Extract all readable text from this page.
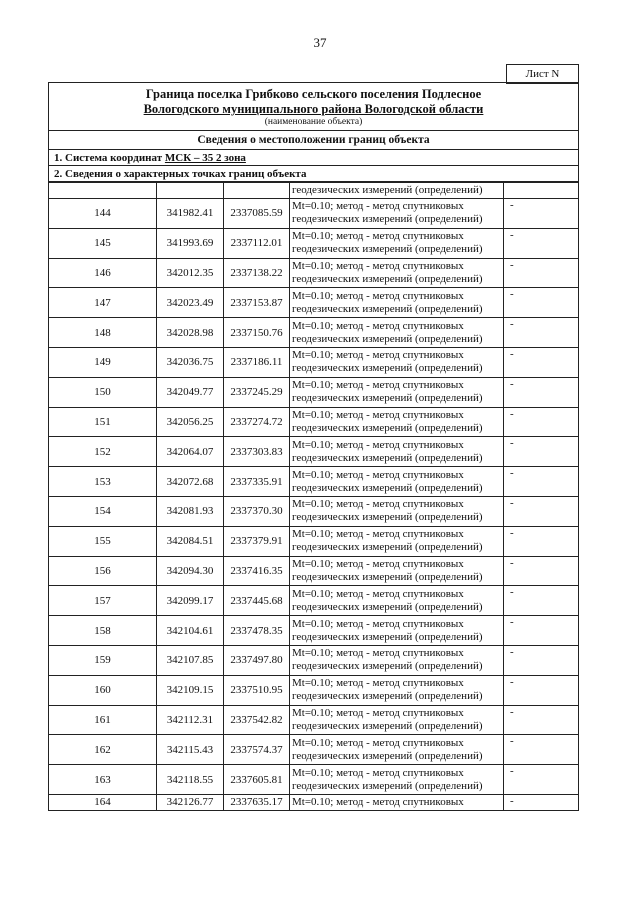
37
Лист N
Граница поселка Грибково сельского поселения Подлесное
Вологодского муниципального района Вологодской области
(наименование объекта)

Сведения о местоположении границ объекта
1. Система координат МСК – 35 2 зона
2. Сведения о характерных точках границ объекта
			геодезических измерений (определений)	
144	341982.41	2337085.59	Mt=0.10; метод - метод спутниковых геодезических измерений (определений)	-
145	341993.69	2337112.01	Mt=0.10; метод - метод спутниковых геодезических измерений (определений)	-
146	342012.35	2337138.22	Mt=0.10; метод - метод спутниковых геодезических измерений (определений)	-
147	342023.49	2337153.87	Mt=0.10; метод - метод спутниковых геодезических измерений (определений)	-
148	342028.98	2337150.76	Mt=0.10; метод - метод спутниковых геодезических измерений (определений)	-
149	342036.75	2337186.11	Mt=0.10; метод - метод спутниковых геодезических измерений (определений)	-
150	342049.77	2337245.29	Mt=0.10; метод - метод спутниковых геодезических измерений (определений)	-
151	342056.25	2337274.72	Mt=0.10; метод - метод спутниковых геодезических измерений (определений)	-
152	342064.07	2337303.83	Mt=0.10; метод - метод спутниковых геодезических измерений (определений)	-
153	342072.68	2337335.91	Mt=0.10; метод - метод спутниковых геодезических измерений (определений)	-
154	342081.93	2337370.30	Mt=0.10; метод - метод спутниковых геодезических измерений (определений)	-
155	342084.51	2337379.91	Mt=0.10; метод - метод спутниковых геодезических измерений (определений)	-
156	342094.30	2337416.35	Mt=0.10; метод - метод спутниковых геодезических измерений (определений)	-
157	342099.17	2337445.68	Mt=0.10; метод - метод спутниковых геодезических измерений (определений)	-
158	342104.61	2337478.35	Mt=0.10; метод - метод спутниковых геодезических измерений (определений)	-
159	342107.85	2337497.80	Mt=0.10; метод - метод спутниковых геодезических измерений (определений)	-
160	342109.15	2337510.95	Mt=0.10; метод - метод спутниковых геодезических измерений (определений)	-
161	342112.31	2337542.82	Mt=0.10; метод - метод спутниковых геодезических измерений (определений)	-
162	342115.43	2337574.37	Mt=0.10; метод - метод спутниковых геодезических измерений (определений)	-
163	342118.55	2337605.81	Mt=0.10; метод - метод спутниковых геодезических измерений (определений)	-
164	342126.77	2337635.17	Mt=0.10; метод - метод спутниковых	-
